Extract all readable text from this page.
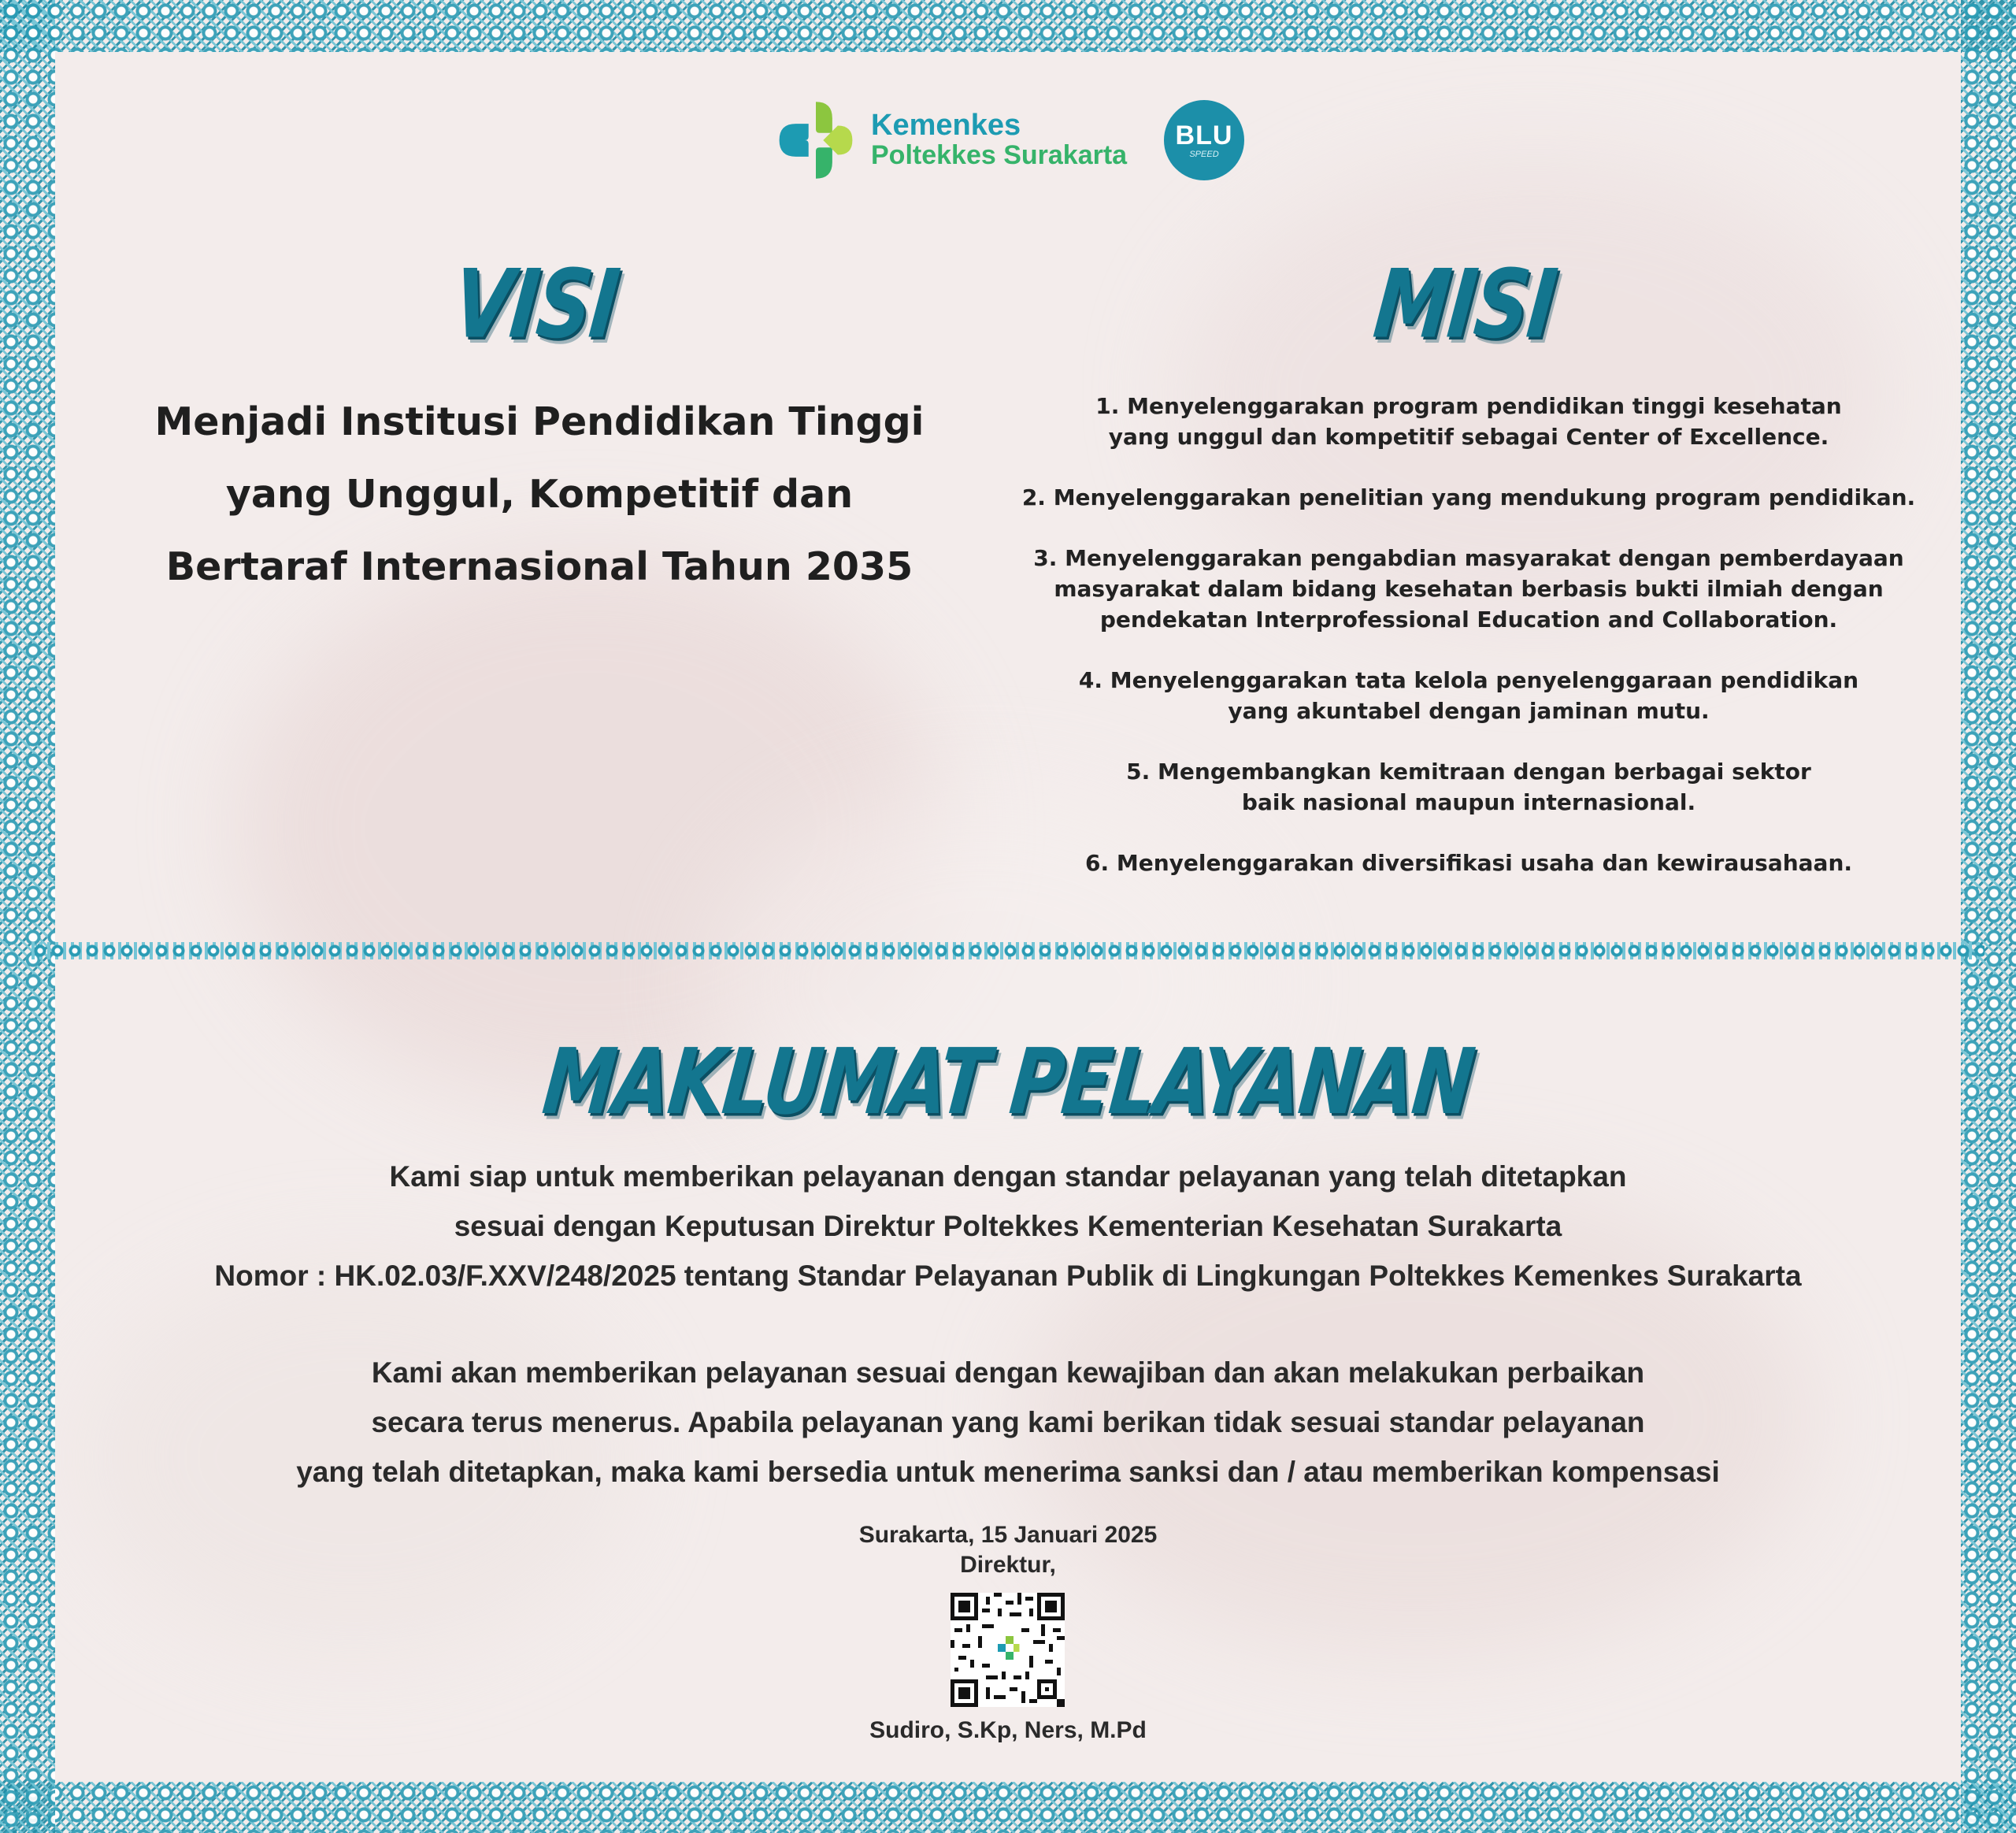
Kemenkes
Poltekkes Surakarta
BLU
SPEED
VISI

Menjadi Institusi Pendidikan Tinggi
yang Unggul, Kompetitif dan
Bertaraf Internasional Tahun 2035

MISI
1. Menyelenggarakan program pendidikan tinggi kesehatan
yang unggul dan kompetitif sebagai Center of Excellence.
2. Menyelenggarakan penelitian yang mendukung program pendidikan.
3. Menyelenggarakan pengabdian masyarakat dengan pemberdayaan
masyarakat dalam bidang kesehatan berbasis bukti ilmiah dengan
pendekatan Interprofessional Education and Collaboration.
4. Menyelenggarakan tata kelola penyelenggaraan pendidikan
yang akuntabel dengan jaminan mutu.
5. Mengembangkan kemitraan dengan berbagai sektor
baik nasional maupun internasional.
6. Menyelenggarakan diversifikasi usaha dan kewirausahaan.
MAKLUMAT PELAYANAN

Kami siap untuk memberikan pelayanan dengan standar pelayanan yang telah ditetapkan
sesuai dengan Keputusan Direktur Poltekkes Kementerian Kesehatan Surakarta
Nomor : HK.02.03/F.XXV/248/2025 tentang Standar Pelayanan Publik di Lingkungan Poltekkes Kemenkes Surakarta

Kami akan memberikan pelayanan sesuai dengan kewajiban dan akan melakukan perbaikan
secara terus menerus. Apabila pelayanan yang kami berikan tidak sesuai standar pelayanan
yang telah ditetapkan, maka kami bersedia untuk menerima sanksi dan / atau memberikan kompensasi

Surakarta, 15 Januari 2025
Direktur,
Sudiro, S.Kp, Ners, M.Pd
